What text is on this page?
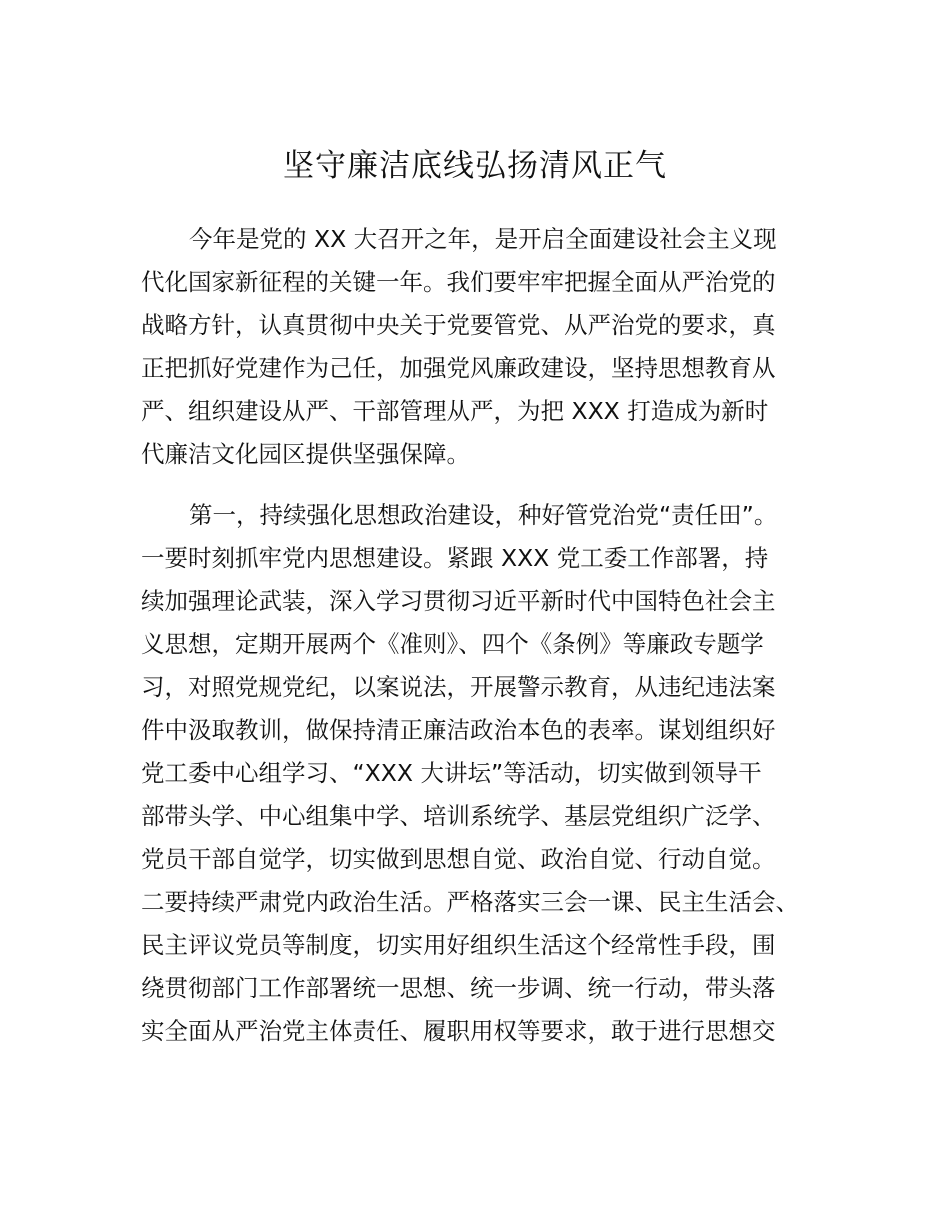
坚守廉洁底线弘扬清风正气
今年是党的 XX 大召开之年，是开启全面建设社会主义现
代化国家新征程的关键一年。我们要牢牢把握全面从严治党的
战略方针，认真贯彻中央关于党要管党、从严治党的要求，真
正把抓好党建作为己任，加强党风廉政建设，坚持思想教育从
严、组织建设从严、干部管理从严，为把 XXX 打造成为新时
代廉洁文化园区提供坚强保障。
第一，持续强化思想政治建设，种好管党治党“责任田”。
一要时刻抓牢党内思想建设。紧跟 XXX 党工委工作部署，持
续加强理论武装，深入学习贯彻习近平新时代中国特色社会主
义思想，定期开展两个《准则》、四个《条例》等廉政专题学
习，对照党规党纪，以案说法，开展警示教育，从违纪违法案
件中汲取教训，做保持清正廉洁政治本色的表率。谋划组织好
党工委中心组学习、“XXX 大讲坛”等活动，切实做到领导干
部带头学、中心组集中学、培训系统学、基层党组织广泛学、
党员干部自觉学，切实做到思想自觉、政治自觉、行动自觉。
二要持续严肃党内政治生活。严格落实三会一课、民主生活会、
民主评议党员等制度，切实用好组织生活这个经常性手段，围
绕贯彻部门工作部署统一思想、统一步调、统一行动，带头落
实全面从严治党主体责任、履职用权等要求，敢于进行思想交
